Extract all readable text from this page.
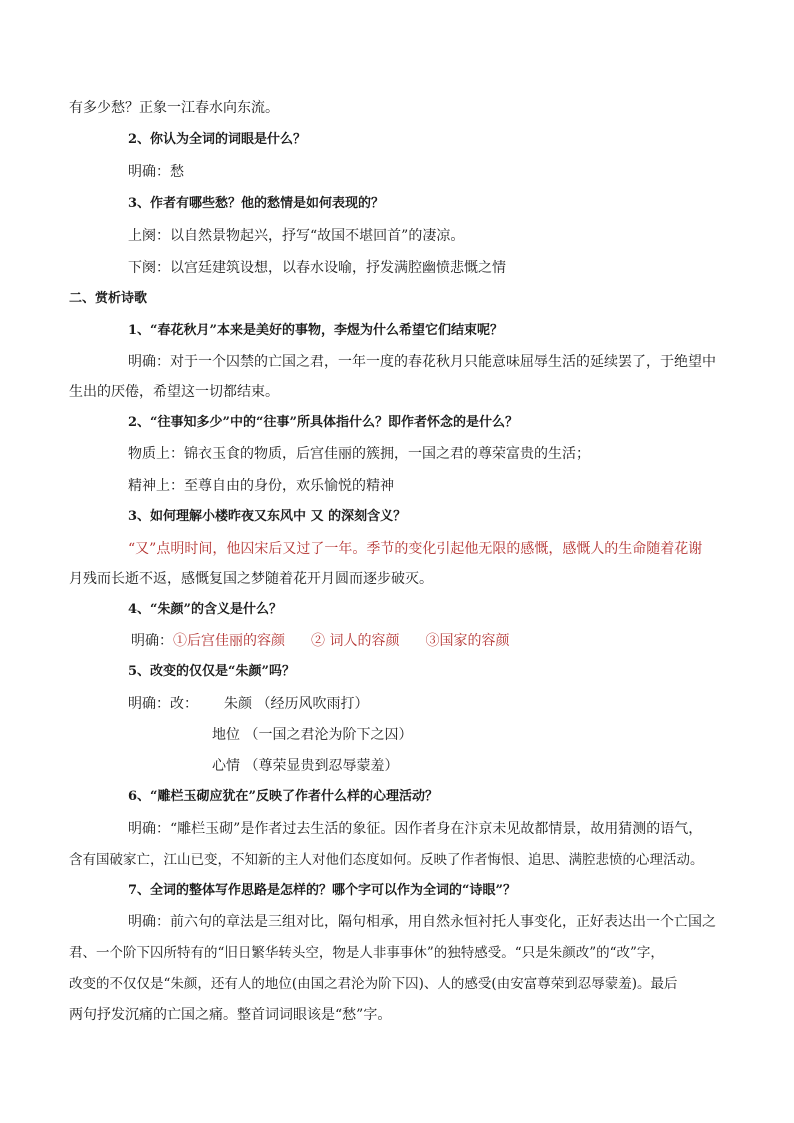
有多少愁？正象一江春水向东流。
2、你认为全词的词眼是什么？
明确：愁
3、作者有哪些愁？他的愁情是如何表现的？
上阕：以自然景物起兴，抒写“故国不堪回首”的凄凉。
下阕：以宫廷建筑设想，以春水设喻，抒发满腔幽愤悲慨之情
二、赏析诗歌
1、“春花秋月”本来是美好的事物，李煜为什么希望它们结束呢？
明确：对于一个囚禁的亡国之君，一年一度的春花秋月只能意味屈辱生活的延续罢了，于绝望中
生出的厌倦，希望这一切都结束。
2、“往事知多少”中的“往事”所具体指什么？即作者怀念的是什么？
物质上：锦衣玉食的物质，后宫佳丽的簇拥，一国之君的尊荣富贵的生活；
精神上：至尊自由的身份，欢乐愉悦的精神
3、如何理解小楼昨夜又东风中 又 的深刻含义？
“又”点明时间，他囚宋后又过了一年。季节的变化引起他无限的感慨，感慨人的生命随着花谢
月残而长逝不返，感慨复国之梦随着花开月圆而逐步破灭。
4、“朱颜”的含义是什么？
明确：①后宫佳丽的容颜 ② 词人的容颜 ③国家的容颜
5、改变的仅仅是“朱颜”吗？
明确：改： 朱颜 （经历风吹雨打）
地位 （一国之君沦为阶下之囚）
心情 （尊荣显贵到忍辱蒙羞）
6、“雕栏玉砌应犹在”反映了作者什么样的心理活动？
明确：“雕栏玉砌”是作者过去生活的象征。因作者身在汴京未见故都情景，故用猜测的语气，
含有国破家亡，江山已变，不知新的主人对他们态度如何。反映了作者悔恨、追思、满腔悲愤的心理活动。
7、全词的整体写作思路是怎样的？哪个字可以作为全词的“诗眼”？
明确：前六句的章法是三组对比，隔句相承，用自然永恒衬托人事变化，正好表达出一个亡国之
君、一个阶下囚所特有的“旧日繁华转头空，物是人非事事休”的独特感受。“只是朱颜改”的“改”字，
改变的不仅仅是“朱颜，还有人的地位(由国之君沦为阶下囚)、人的感受(由安富尊荣到忍辱蒙羞)。最后
两句抒发沉痛的亡国之痛。整首词词眼该是“愁”字。
